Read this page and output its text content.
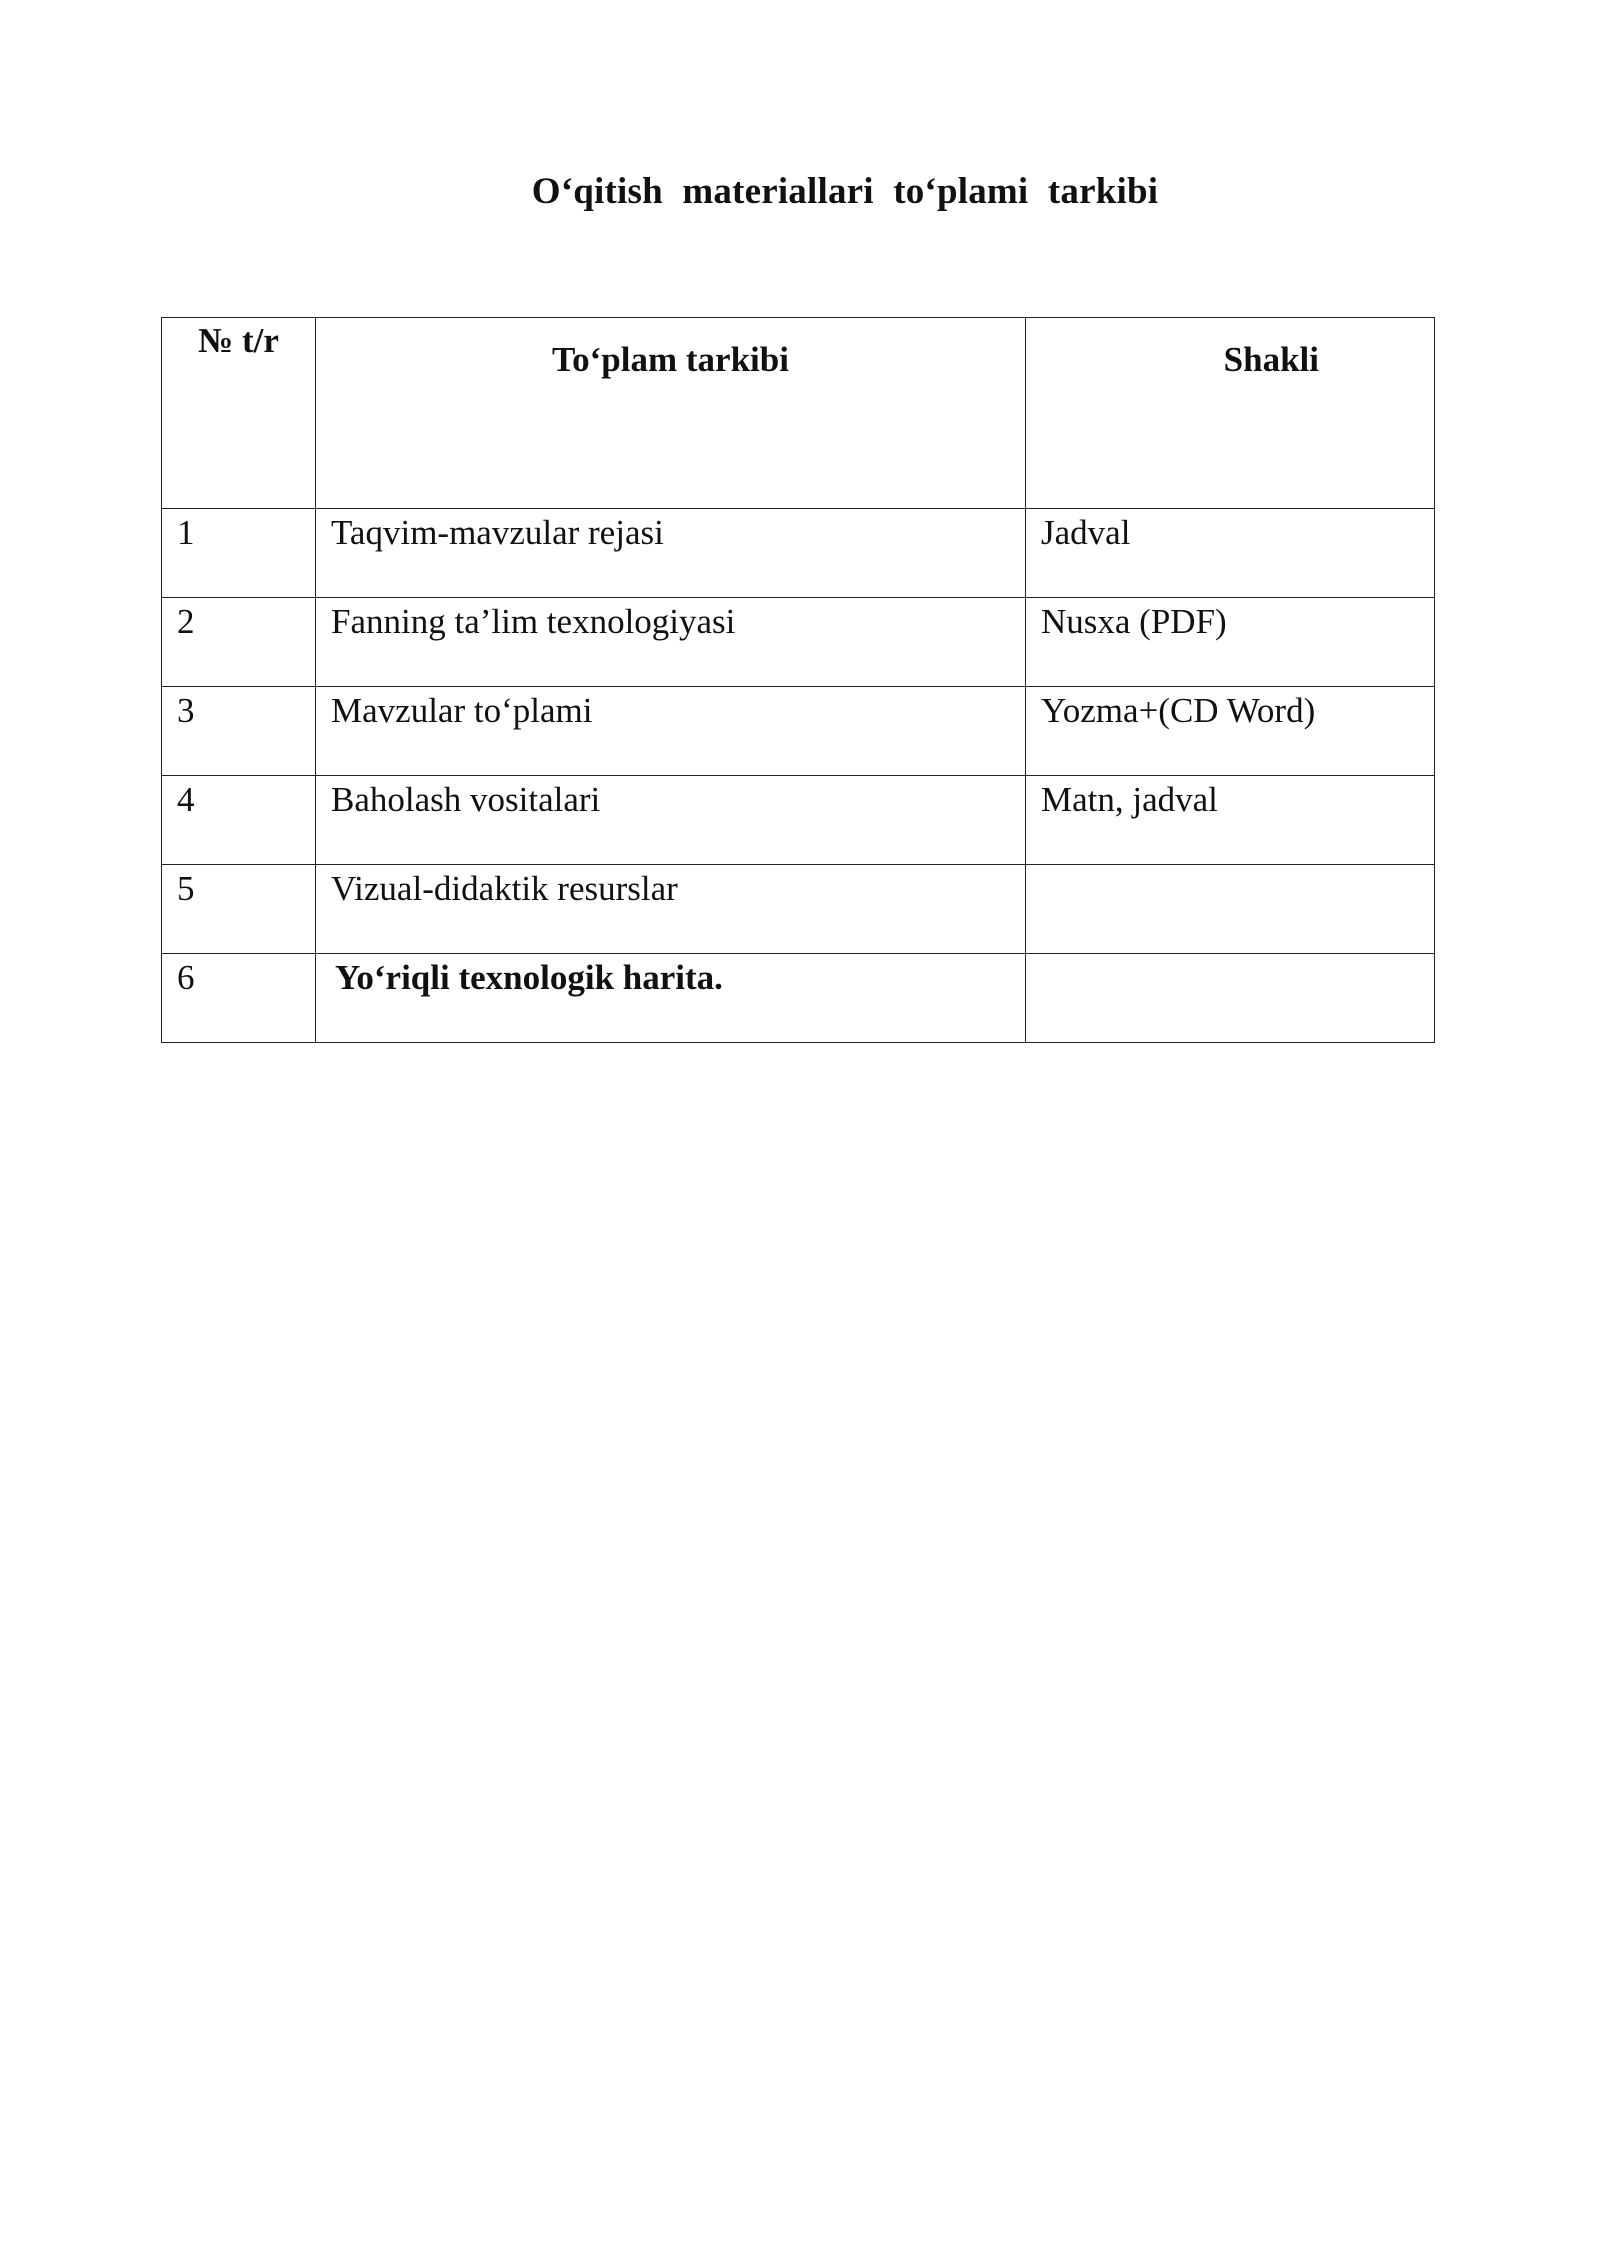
O‘qitish materiallari to‘plami tarkibi
№ t/r	To‘plam tarkibi	Shakli
1	Taqvim-mavzular rejasi	Jadval
2	Fanning ta’lim texnologiyasi	Nusxa (PDF)
3	Mavzular to‘plami	Yozma+(CD Word)
4	Baholash vositalari	Matn, jadval
5	Vizual-didaktik resurslar	
6	Yo‘riqli texnologik harita.	
